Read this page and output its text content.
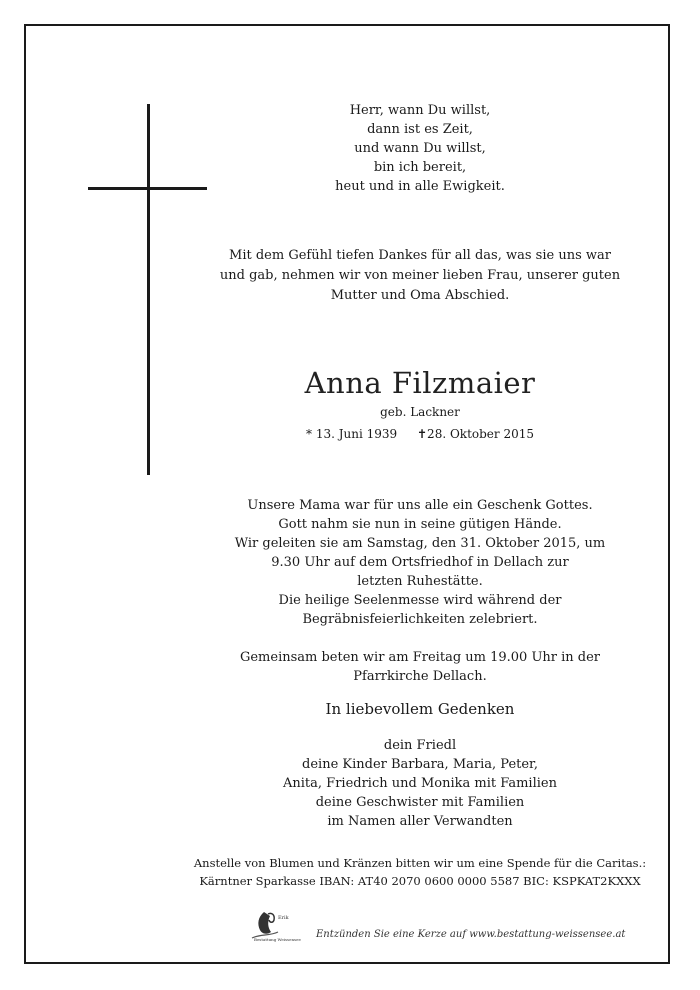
Herr, wann Du willst,
dann ist es Zeit,
und wann Du willst,
bin ich bereit,
heut und in alle Ewigkeit.
Mit dem Gefühl tiefen Dankes für all das, was sie uns war
und gab, nehmen wir von meiner lieben Frau, unserer guten
Mutter und Oma Abschied.
Anna Filzmaier
geb. Lackner
* 13. Juni 1939 ✝28. Oktober 2015

Unsere Mama war für uns alle ein Geschenk Gottes.
Gott nahm sie nun in seine gütigen Hände.
Wir geleiten sie am Samstag, den 31. Oktober 2015, um
9.30 Uhr auf dem Ortsfriedhof in Dellach zur
letzten Ruhestätte.
Die heilige Seelenmesse wird während der
Begräbnisfeierlichkeiten zelebriert.

Gemeinsam beten wir am Freitag um 19.00 Uhr in der
Pfarrkirche Dellach.

In liebevollem Gedenken
dein Friedl
deine Kinder Barbara, Maria, Peter,
Anita, Friedrich und Monika mit Familien
deine Geschwister mit Familien
im Namen aller Verwandten
Anstelle von Blumen und Kränzen bitten wir um eine Spende für die Caritas.:
Kärntner Sparkasse IBAN: AT40 2070 0600 0000 5587 BIC: KSPKAT2KXXX
Erik
Bestattung Weissensee Entzünden Sie eine Kerze auf www.bestattung-weissensee.at
